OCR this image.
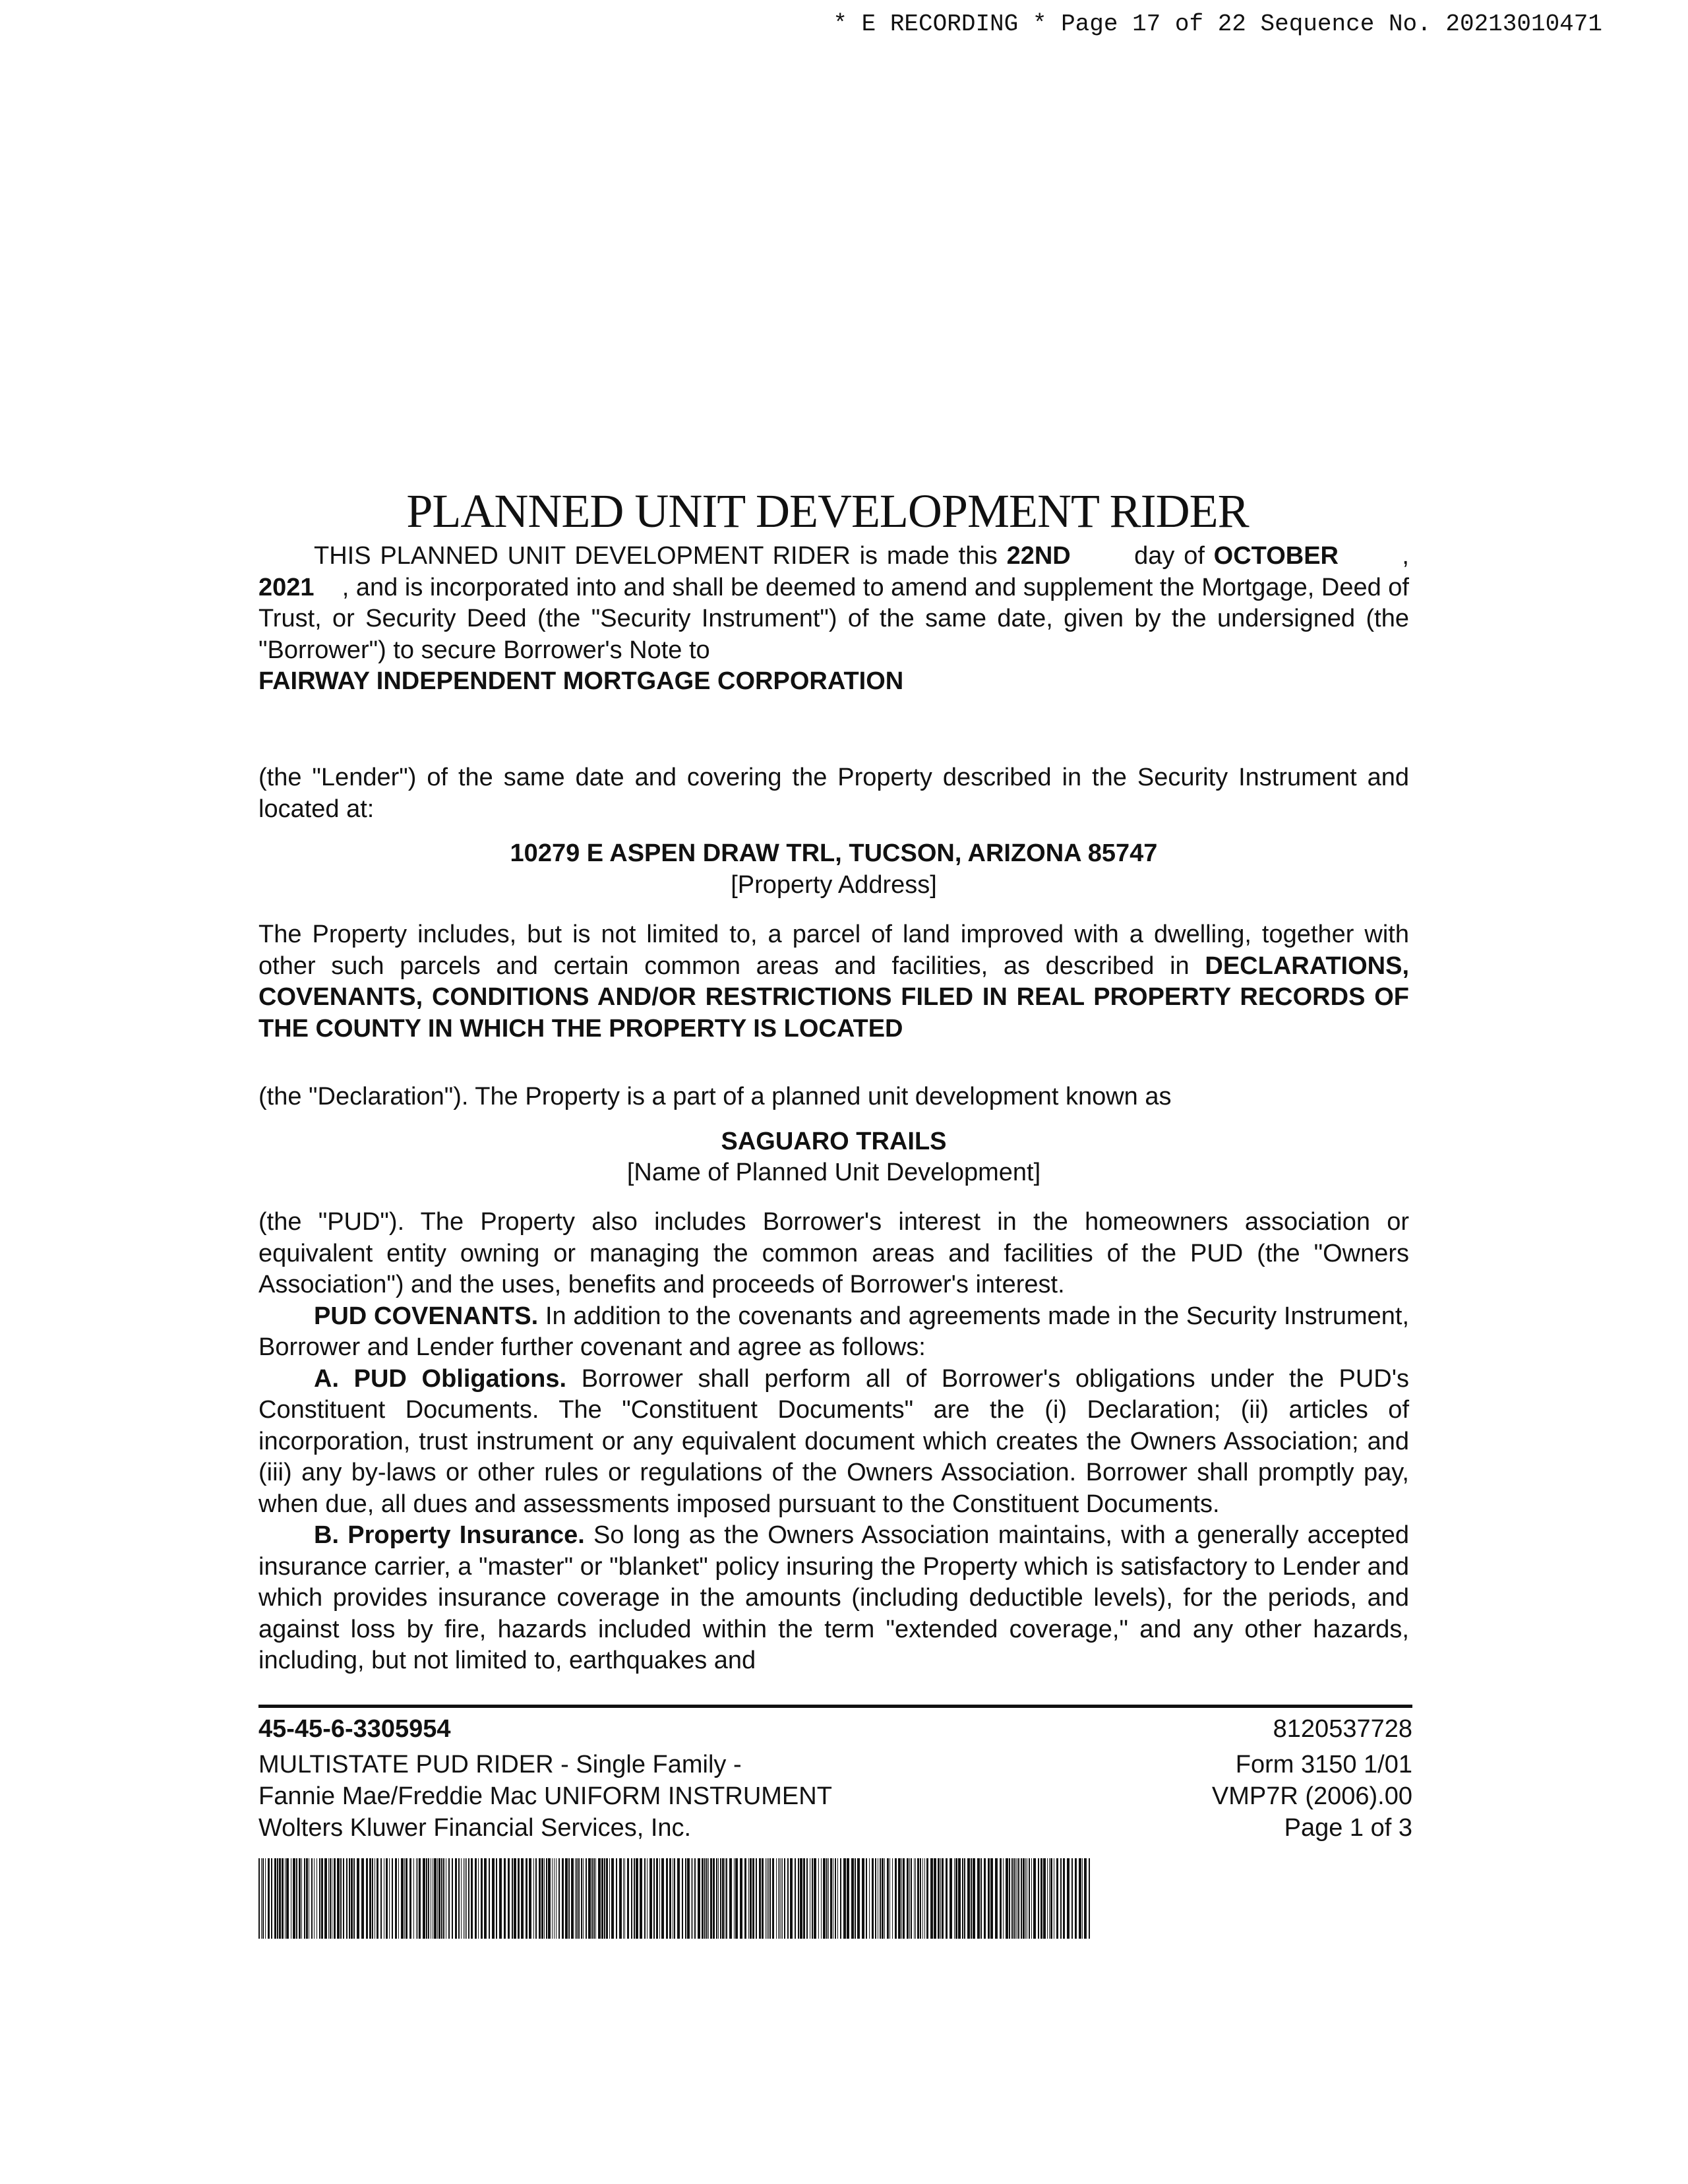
* E RECORDING * Page 17 of 22 Sequence No. 20213010471
PLANNED UNIT DEVELOPMENT RIDER

THIS PLANNED UNIT DEVELOPMENT RIDER is made this 22ND	day of OCTOBER	, 2021 , and is incorporated into and shall be deemed to amend and supplement the Mortgage, Deed of Trust, or Security Deed (the "Security Instrument") of the same date, given by the undersigned (the "Borrower") to secure Borrower's Note to

FAIRWAY INDEPENDENT MORTGAGE CORPORATION

(the "Lender") of the same date and covering the Property described in the Security Instrument and located at:

10279 E ASPEN DRAW TRL, TUCSON, ARIZONA 85747

[Property Address]

The Property includes, but is not limited to, a parcel of land improved with a dwelling, together with other such parcels and certain common areas and facilities, as described in DECLARATIONS, COVENANTS, CONDITIONS AND/OR RESTRICTIONS FILED IN REAL PROPERTY RECORDS OF THE COUNTY IN WHICH THE PROPERTY IS LOCATED

(the "Declaration"). The Property is a part of a planned unit development known as

SAGUARO TRAILS

[Name of Planned Unit Development]

(the "PUD"). The Property also includes Borrower's interest in the homeowners association or equivalent entity owning or managing the common areas and facilities of the PUD (the "Owners Association") and the uses, benefits and proceeds of Borrower's interest.

PUD COVENANTS. In addition to the covenants and agreements made in the Security Instrument, Borrower and Lender further covenant and agree as follows:

A. PUD Obligations. Borrower shall perform all of Borrower's obligations under the PUD's Constituent Documents. The "Constituent Documents" are the (i) Declaration; (ii) articles of incorporation, trust instrument or any equivalent document which creates the Owners Association; and (iii) any by-laws or other rules or regulations of the Owners Association. Borrower shall promptly pay, when due, all dues and assessments imposed pursuant to the Constituent Documents.

B. Property Insurance. So long as the Owners Association maintains, with a generally accepted insurance carrier, a "master" or "blanket" policy insuring the Property which is satisfactory to Lender and which provides insurance coverage in the amounts (including deductible levels), for the periods, and against loss by fire, hazards included within the term "extended coverage," and any other hazards, including, but not limited to, earthquakes and

45-45-6-3305954	8120537728
MULTISTATE PUD RIDER - Single Family -
Fannie Mae/Freddie Mac UNIFORM INSTRUMENT
Wolters Kluwer Financial Services, Inc.
Form 3150 1/01
VMP7R (2006).00
Page 1 of 3
